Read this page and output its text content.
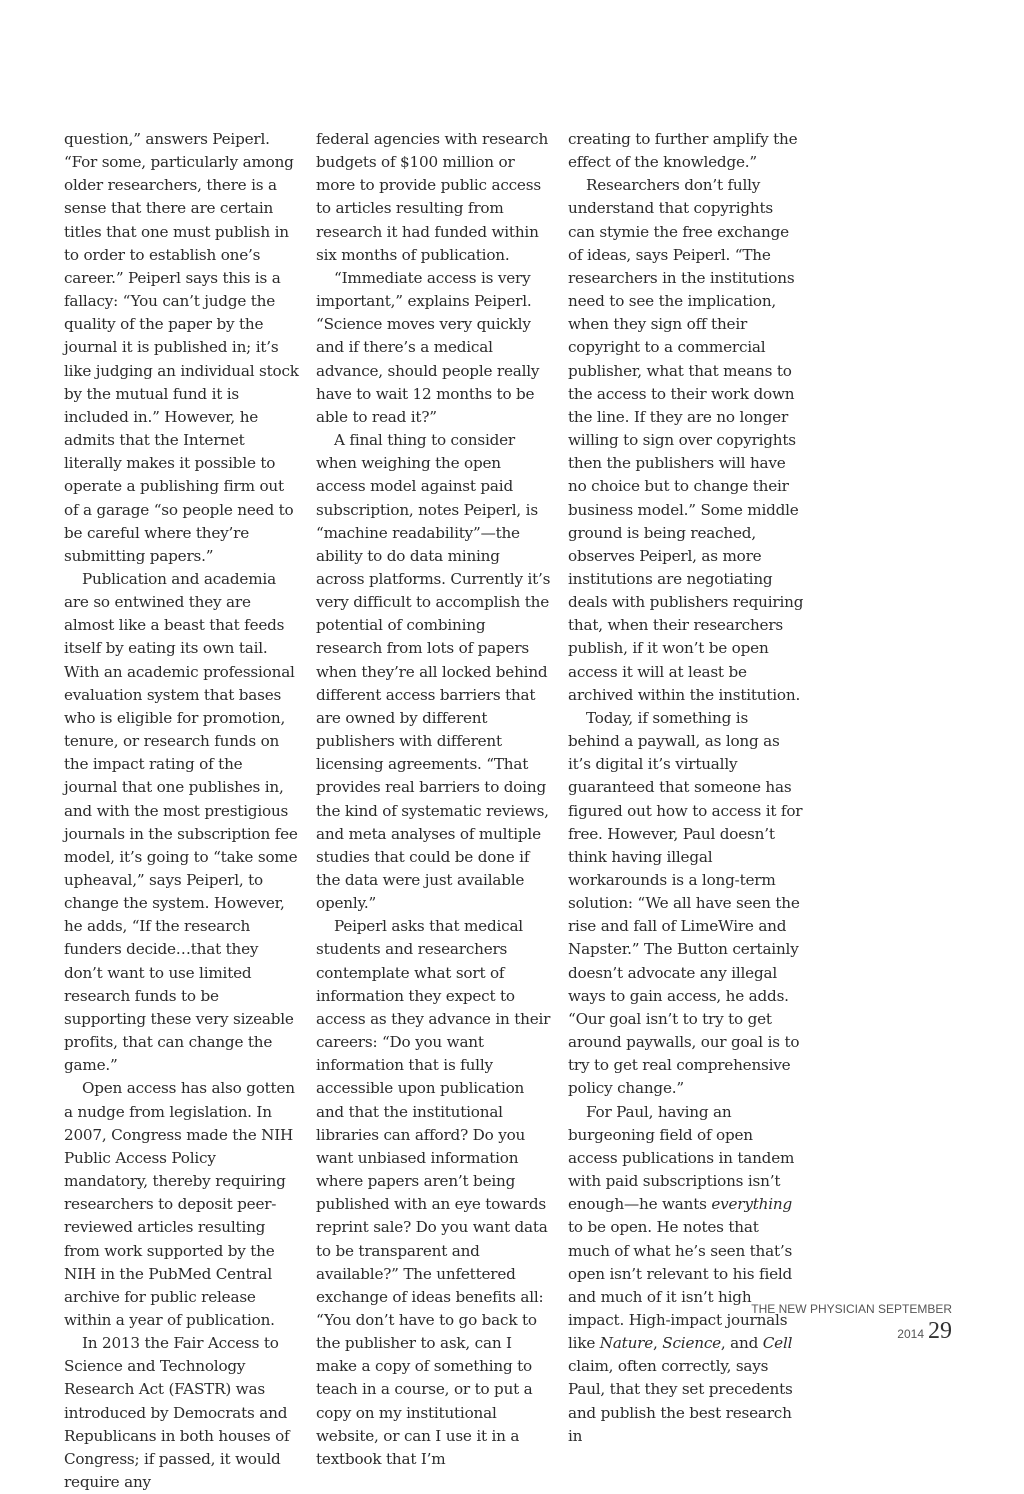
question,” answers Peiperl. “For some, particularly among older researchers, there is a sense that there are certain titles that one must publish in to order to establish one’s career.” Peiperl says this is a fallacy: “You can’t judge the quality of the paper by the journal it is published in; it’s like judging an individual stock by the mutual fund it is included in.” However, he admits that the Internet literally makes it possible to operate a publishing firm out of a garage “so people need to be careful where they’re submitting papers.”

Publication and academia are so entwined they are almost like a beast that feeds itself by eating its own tail. With an academic professional evaluation system that bases who is eligible for promotion, tenure, or research funds on the impact rating of the journal that one publishes in, and with the most prestigious journals in the subscription fee model, it’s going to “take some upheaval,” says Peiperl, to change the system. However, he adds, “If the research funders decide…that they don’t want to use limited research funds to be supporting these very sizeable profits, that can change the game.”

Open access has also gotten a nudge from legislation. In 2007, Congress made the NIH Public Access Policy mandatory, thereby requiring researchers to deposit peer-reviewed articles resulting from work supported by the NIH in the PubMed Central archive for public release within a year of publication.

In 2013 the Fair Access to Science and Technology Research Act (FASTR) was introduced by Democrats and Republicans in both houses of Congress; if passed, it would require any

federal agencies with research budgets of $100 million or more to provide public access to articles resulting from research it had funded within six months of publication.

“Immediate access is very important,” explains Peiperl. “Science moves very quickly and if there’s a medical advance, should people really have to wait 12 months to be able to read it?”

A final thing to consider when weighing the open access model against paid subscription, notes Peiperl, is “machine readability”—the ability to do data mining across platforms. Currently it’s very difficult to accomplish the potential of combining research from lots of papers when they’re all locked behind different access barriers that are owned by different publishers with different licensing agreements. “That provides real barriers to doing the kind of systematic reviews, and meta analyses of multiple studies that could be done if the data were just available openly.”

Peiperl asks that medical students and researchers contemplate what sort of information they expect to access as they advance in their careers: “Do you want information that is fully accessible upon publication and that the institutional libraries can afford? Do you want unbiased information where papers aren’t being published with an eye towards reprint sale? Do you want data to be transparent and available?” The unfettered exchange of ideas benefits all: “You don’t have to go back to the publisher to ask, can I make a copy of something to teach in a course, or to put a copy on my institutional website, or can I use it in a textbook that I’m

creating to further amplify the effect of the knowledge.”

Researchers don’t fully understand that copyrights can stymie the free exchange of ideas, says Peiperl. “The researchers in the institutions need to see the implication, when they sign off their copyright to a commercial publisher, what that means to the access to their work down the line. If they are no longer willing to sign over copyrights then the publishers will have no choice but to change their business model.” Some middle ground is being reached, observes Peiperl, as more institutions are negotiating deals with publishers requiring that, when their researchers publish, if it won’t be open access it will at least be archived within the institution.

Today, if something is behind a paywall, as long as it’s digital it’s virtually guaranteed that someone has figured out how to access it for free. However, Paul doesn’t think having illegal workarounds is a long-term solution: “We all have seen the rise and fall of LimeWire and Napster.” The Button certainly doesn’t advocate any illegal ways to gain access, he adds. “Our goal isn’t to try to get around paywalls, our goal is to try to get real comprehensive policy change.”

For Paul, having an burgeoning field of open access publications in tandem with paid subscriptions isn’t enough—he wants everything to be open. He notes that much of what he’s seen that’s open isn’t relevant to his field and much of it isn’t high impact. High-impact journals like Nature, Science, and Cell claim, often correctly, says Paul, that they set precedents and publish the best research in

THE NEW PHYSICIAN SEPTEMBER 2014 29
